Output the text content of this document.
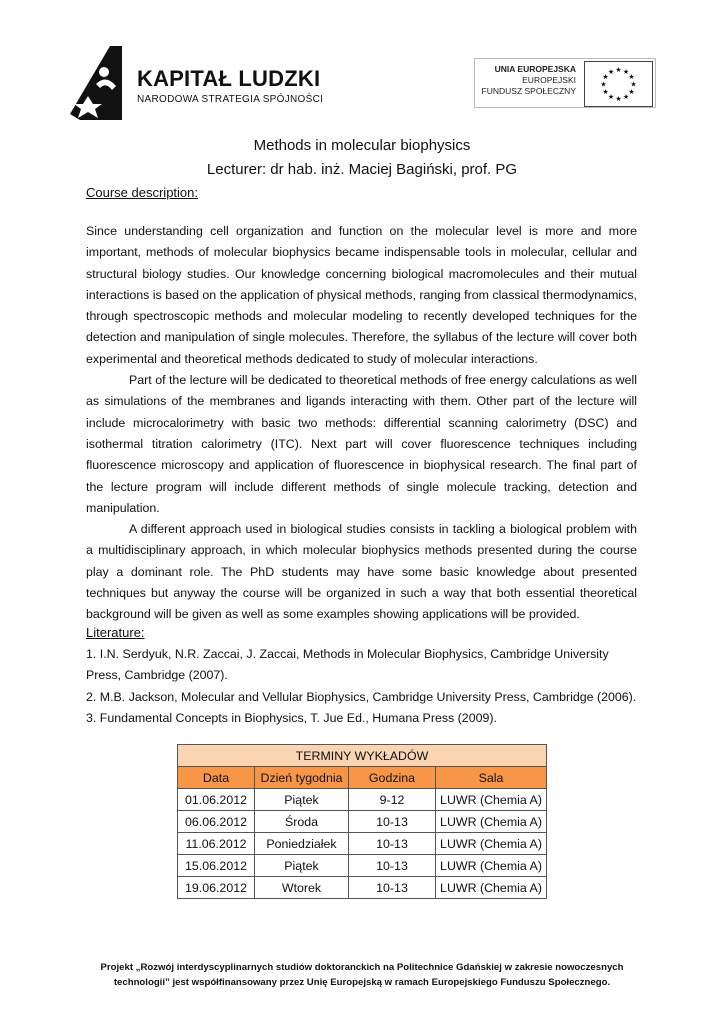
KAPITAŁ LUDZKI
NARODOWA STRATEGIA SPÓJNOŚCI
UNIA EUROPEJSKA
EUROPEJSKI
FUNDUSZ SPOŁECZNY
★ ★
★
★
★
★
★
★
★
★
★
★
Methods in molecular biophysics
Lecturer: dr hab. inż. Maciej Bagiński, prof. PG
Course description:

Since understanding cell organization and function on the molecular level is more and more important, methods of molecular biophysics became indispensable tools in molecular, cellular and structural biology studies. Our knowledge concerning biological macromolecules and their mutual interactions is based on the application of physical methods, ranging from classical thermodynamics, through spectroscopic methods and molecular modeling to recently developed techniques for the detection and manipulation of single molecules. Therefore, the syllabus of the lecture will cover both experimental and theoretical methods dedicated to study of molecular interactions.

Part of the lecture will be dedicated to theoretical methods of free energy calculations as well as simulations of the membranes and ligands interacting with them. Other part of the lecture will include microcalorimetry with basic two methods: differential scanning calorimetry (DSC) and isothermal titration calorimetry (ITC). Next part will cover fluorescence techniques including fluorescence microscopy and application of fluorescence in biophysical research. The final part of the lecture program will include different methods of single molecule tracking, detection and manipulation.

A different approach used in biological studies consists in tackling a biological problem with a multidisciplinary approach, in which molecular biophysics methods presented during the course play a dominant role. The PhD students may have some basic knowledge about presented techniques but anyway the course will be organized in such a way that both essential theoretical background will be given as well as some examples showing applications will be provided.

Literature:
1. I.N. Serdyuk, N.R. Zaccai, J. Zaccai, Methods in Molecular Biophysics, Cambridge University Press, Cambridge (2007).
2. M.B. Jackson, Molecular and Vellular Biophysics, Cambridge University Press, Cambridge (2006).
3. Fundamental Concepts in Biophysics, T. Jue Ed., Humana Press (2009).
TERMINY WYKŁADÓW			
Data	Dzień tygodnia	Godzina	Sala
01.06.2012	Piątek	9-12	LUWR (Chemia A)
06.06.2012	Środa	10-13	LUWR (Chemia A)
11.06.2012	Poniedziałek	10-13	LUWR (Chemia A)
15.06.2012	Piątek	10-13	LUWR (Chemia A)
19.06.2012	Wtorek	10-13	LUWR (Chemia A)
Projekt „Rozwój interdyscyplinarnych studiów doktoranckich na Politechnice Gdańskiej w zakresie nowoczesnych
technologii” jest współfinansowany przez Unię Europejską w ramach Europejskiego Funduszu Społecznego.
